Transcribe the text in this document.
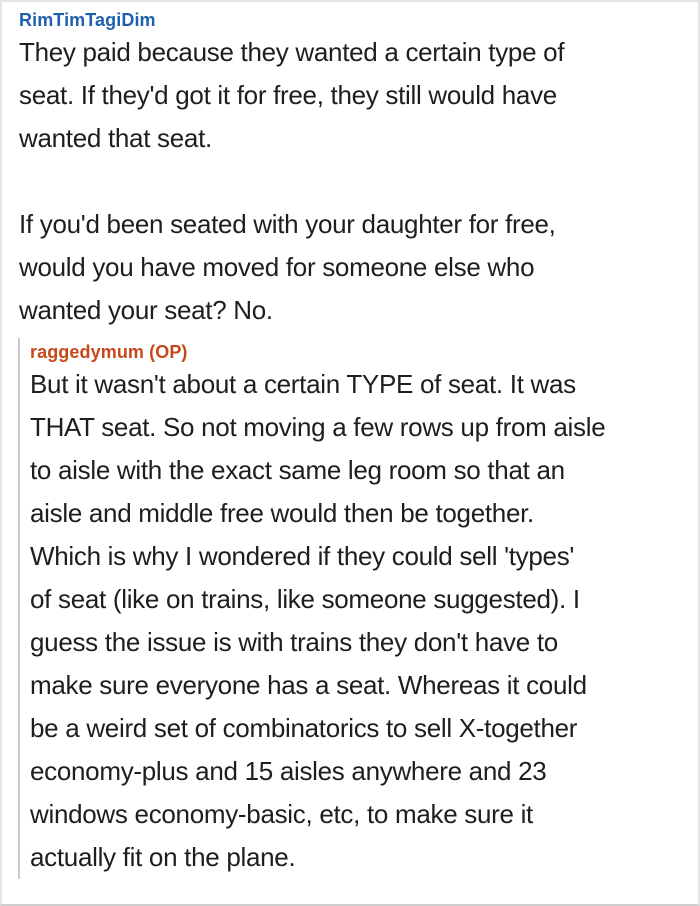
RimTimTagiDim
They paid because they wanted a certain type of
seat. If they'd got it for free, they still would have
wanted that seat.
If you'd been seated with your daughter for free,
would you have moved for someone else who
wanted your seat? No.
raggedymum (OP)
But it wasn't about a certain TYPE of seat. It was
THAT seat. So not moving a few rows up from aisle
to aisle with the exact same leg room so that an
aisle and middle free would then be together.
Which is why I wondered if they could sell 'types'
of seat (like on trains, like someone suggested). I
guess the issue is with trains they don't have to
make sure everyone has a seat. Whereas it could
be a weird set of combinatorics to sell X-together
economy-plus and 15 aisles anywhere and 23
windows economy-basic, etc, to make sure it
actually fit on the plane.
